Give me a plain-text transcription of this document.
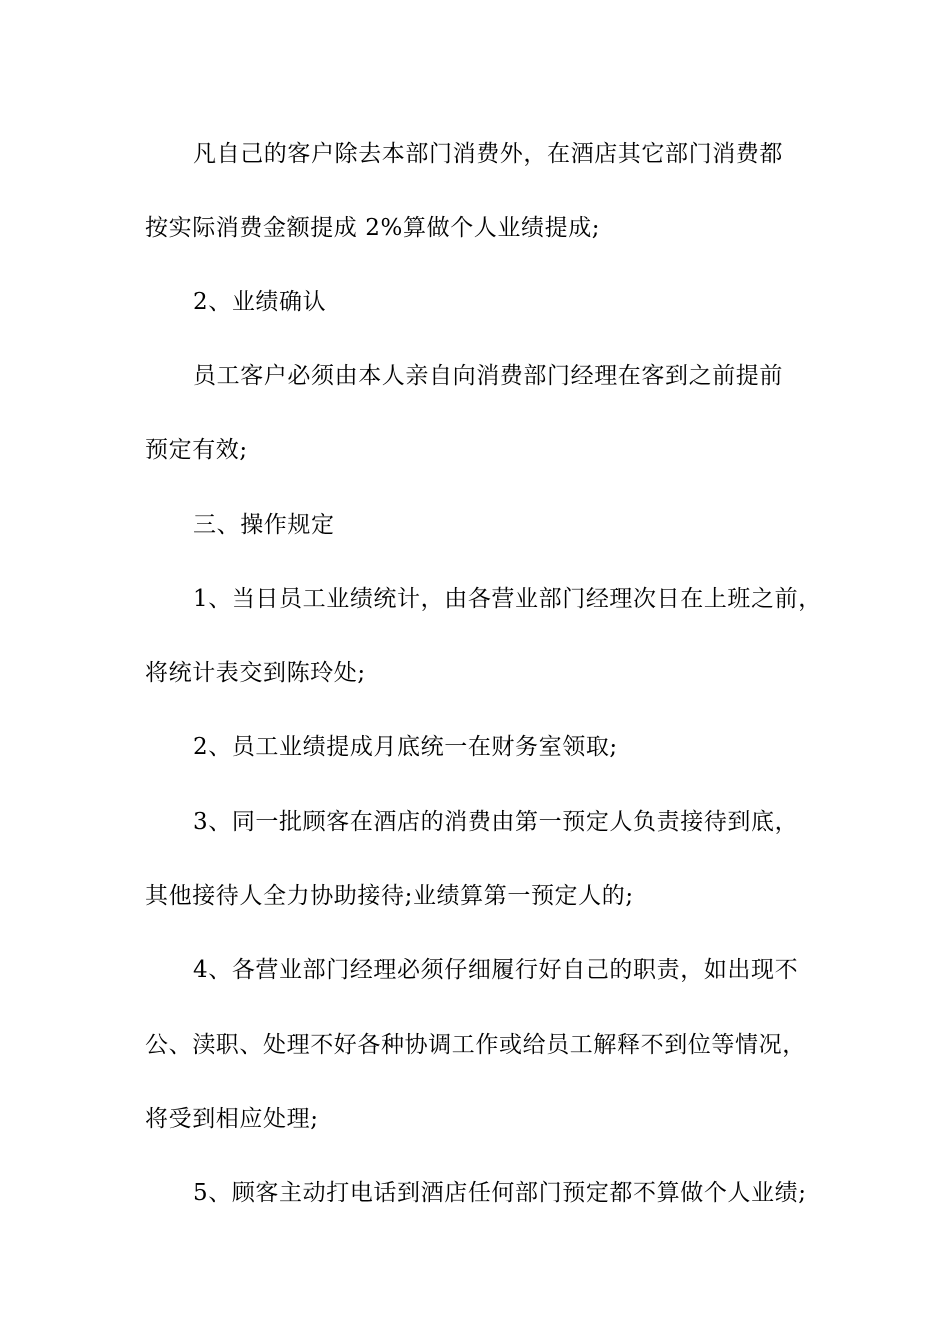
凡自己的客户除去本部门消费外，在酒店其它部门消费都
按实际消费金额提成 2%算做个人业绩提成;
2、业绩确认
员工客户必须由本人亲自向消费部门经理在客到之前提前
预定有效;
三、操作规定
1、当日员工业绩统计，由各营业部门经理次日在上班之前，
将统计表交到陈玲处;
2、员工业绩提成月底统一在财务室领取;
3、同一批顾客在酒店的消费由第一预定人负责接待到底，
其他接待人全力协助接待;业绩算第一预定人的;
4、各营业部门经理必须仔细履行好自己的职责，如出现不
公、渎职、处理不好各种协调工作或给员工解释不到位等情况，
将受到相应处理;
5、顾客主动打电话到酒店任何部门预定都不算做个人业绩;
